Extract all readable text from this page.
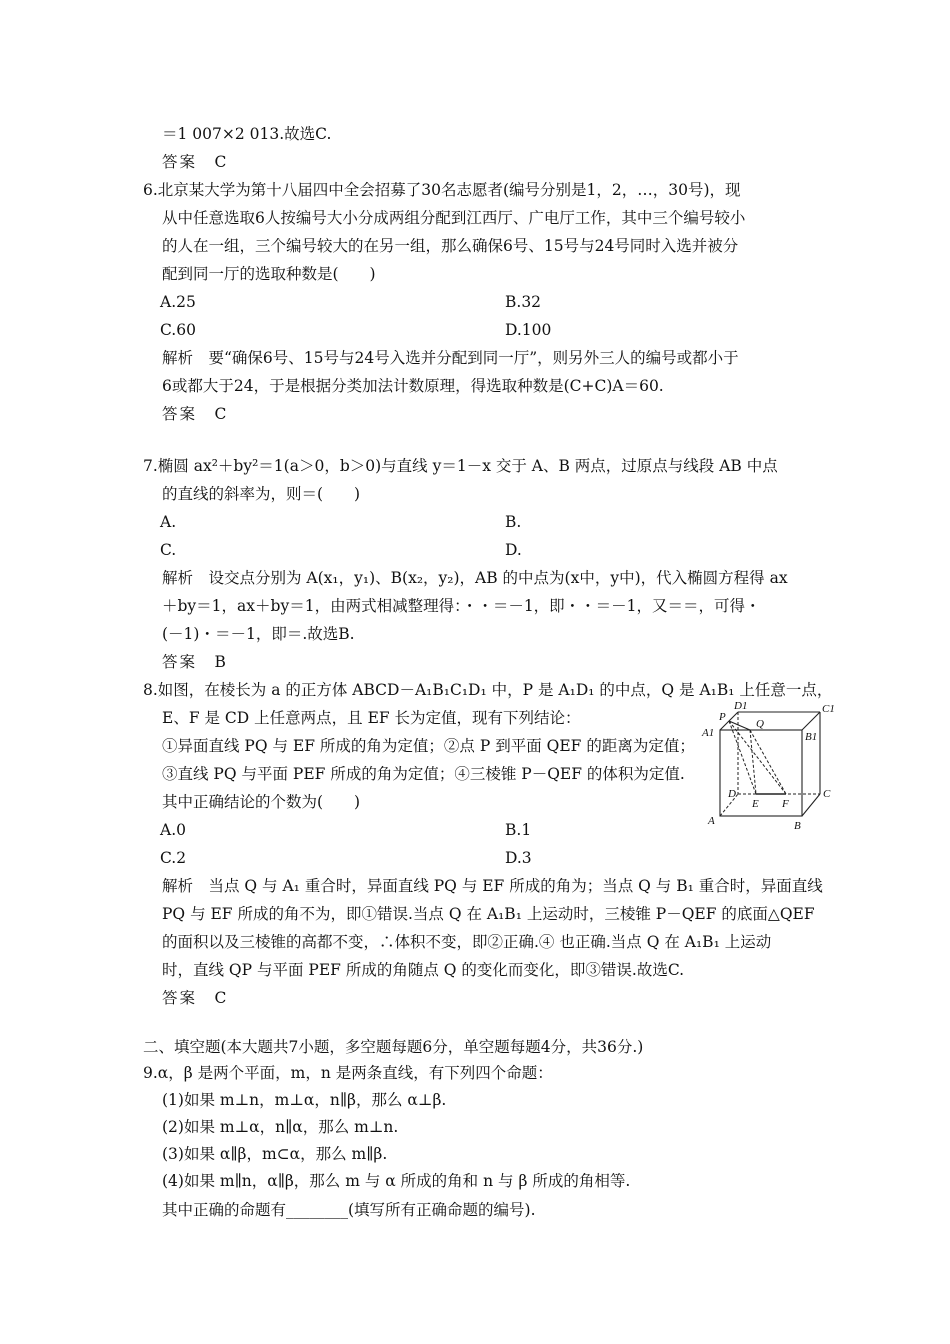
＝1 007×2 013.故选C.
答案　C
6.北京某大学为第十八届四中全会招募了30名志愿者(编号分别是1，2，…，30号)，现
从中任意选取6人按编号大小分成两组分配到江西厅、广电厅工作，其中三个编号较小
的人在一组，三个编号较大的在另一组，那么确保6号、15号与24号同时入选并被分
配到同一厅的选取种数是(　　)
A.25	B.32
C.60	D.100
解析　要“确保6号、15号与24号入选并分配到同一厅”，则另外三人的编号或都小于
6或都大于24，于是根据分类加法计数原理，得选取种数是(C+C)A＝60.
答案　C
7.椭圆 ax²＋by²＝1(a＞0，b＞0)与直线 y＝1－x 交于 A、B 两点，过原点与线段 AB 中点
的直线的斜率为，则＝(　　)
A.	B.
C.	D.
解析　设交点分别为 A(x₁，y₁)、B(x₂，y₂)，AB 的中点为(x中，y中)，代入椭圆方程得 ax
＋by＝1，ax＋by＝1，由两式相减整理得：・・＝－1，即・・＝－1，又＝＝，可得・
(－1)・＝－1，即＝.故选B.
答案　B
8.如图，在棱长为 a 的正方体 ABCD－A₁B₁C₁D₁ 中，P 是 A₁D₁ 的中点，Q 是 A₁B₁ 上任意一点，
E、F 是 CD 上任意两点，且 EF 长为定值，现有下列结论：
①异面直线 PQ 与 EF 所成的角为定值；②点 P 到平面 QEF 的距离为定值；
③直线 PQ 与平面 PEF 所成的角为定值；④三棱锥 P－QEF 的体积为定值.
其中正确结论的个数为(　　)
A.0	B.1
C.2	D.3
解析　当点 Q 与 A₁ 重合时，异面直线 PQ 与 EF 所成的角为；当点 Q 与 B₁ 重合时，异面直线
PQ 与 EF 所成的角不为，即①错误.当点 Q 在 A₁B₁ 上运动时，三棱锥 P－QEF 的底面△QEF
的面积以及三棱锥的高都不变，∴体积不变，即②正确.④ 也正确.当点 Q 在 A₁B₁ 上运动
时，直线 QP 与平面 PEF 所成的角随点 Q 的变化而变化，即③错误.故选C.
答案　C
二、填空题(本大题共7小题，多空题每题6分，单空题每题4分，共36分.)
9.α，β 是两个平面，m，n 是两条直线，有下列四个命题：
(1)如果 m⊥n，m⊥α，n∥β，那么 α⊥β.
(2)如果 m⊥α，n∥α，那么 m⊥n.
(3)如果 α∥β，m⊂α，那么 m∥β.
(4)如果 m∥n，α∥β，那么 m 与 α 所成的角和 n 与 β 所成的角相等.
其中正确的命题有________(填写所有正确命题的编号).
D1	C1
P
Q
A1	B1
D
E F
C
A	B
